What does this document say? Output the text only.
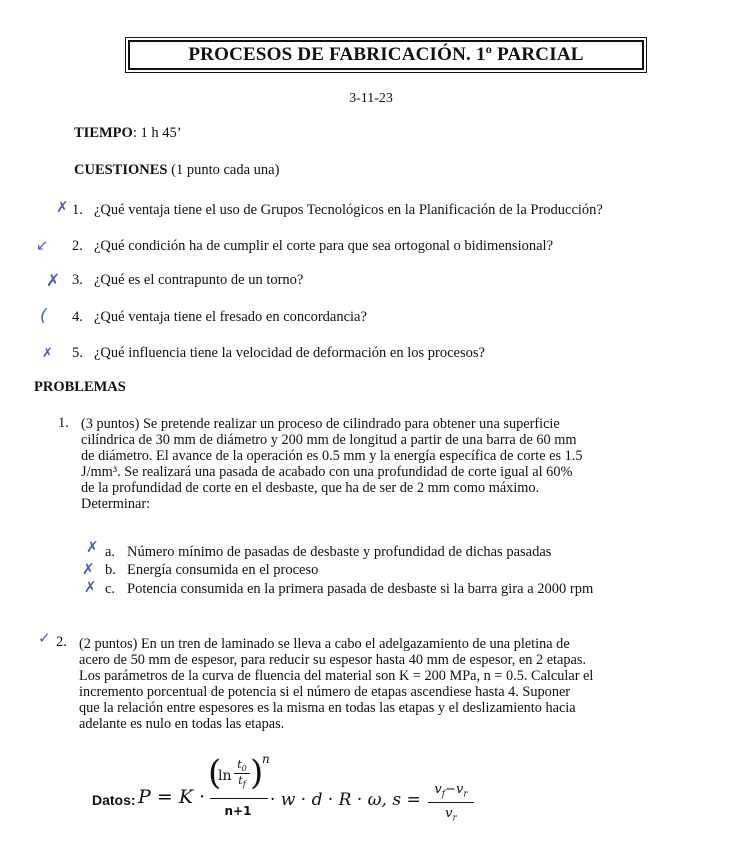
PROCESOS DE FABRICACIÓN. 1º PARCIAL
3-11-23
TIEMPO: 1 h 45’
CUESTIONES (1 punto cada una)
✗ 1. ¿Qué ventaja tiene el uso de Grupos Tecnológicos en la Planificación de la Producción?
↙ 2. ¿Qué condición ha de cumplir el corte para que sea ortogonal o bidimensional?
✗ 3. ¿Qué es el contrapunto de un torno?
( 4. ¿Qué ventaja tiene el fresado en concordancia?
✗ 5. ¿Qué influencia tiene la velocidad de deformación en los procesos?
PROBLEMAS
1. (3 puntos) Se pretende realizar un proceso de cilindrado para obtener una superficie
cilíndrica de 30 mm de diámetro y 200 mm de longitud a partir de una barra de 60 mm
de diámetro. El avance de la operación es 0.5 mm y la energía específica de corte es 1.5
J/mm³. Se realizará una pasada de acabado con una profundidad de corte igual al 60%
de la profundidad de corte en el desbaste, que ha de ser de 2 mm como máximo.
Determinar:
✗ a. Número mínimo de pasadas de desbaste y profundidad de dichas pasadas
✗ b. Energía consumida en el proceso
✗ c. Potencia consumida en la primera pasada de desbaste si la barra gira a 2000 rpm
✓ 2. (2 puntos) En un tren de laminado se lleva a cabo el adelgazamiento de una pletina de
acero de 50 mm de espesor, para reducir su espesor hasta 40 mm de espesor, en 2 etapas.
Los parámetros de la curva de fluencia del material son K = 200 MPa, n = 0.5. Calcular el
incremento porcentual de potencia si el número de etapas ascendiese hasta 4. Suponer
que la relación entre espesores es la misma en todas las etapas y el deslizamiento hacia
adelante es nulo en todas las etapas.
Datos: P = K ·
(
ln
$t_0$
$t_f$ )
n
n+1
· w · d · R · ω, s =
$v_f-v_r$
$v_r$
